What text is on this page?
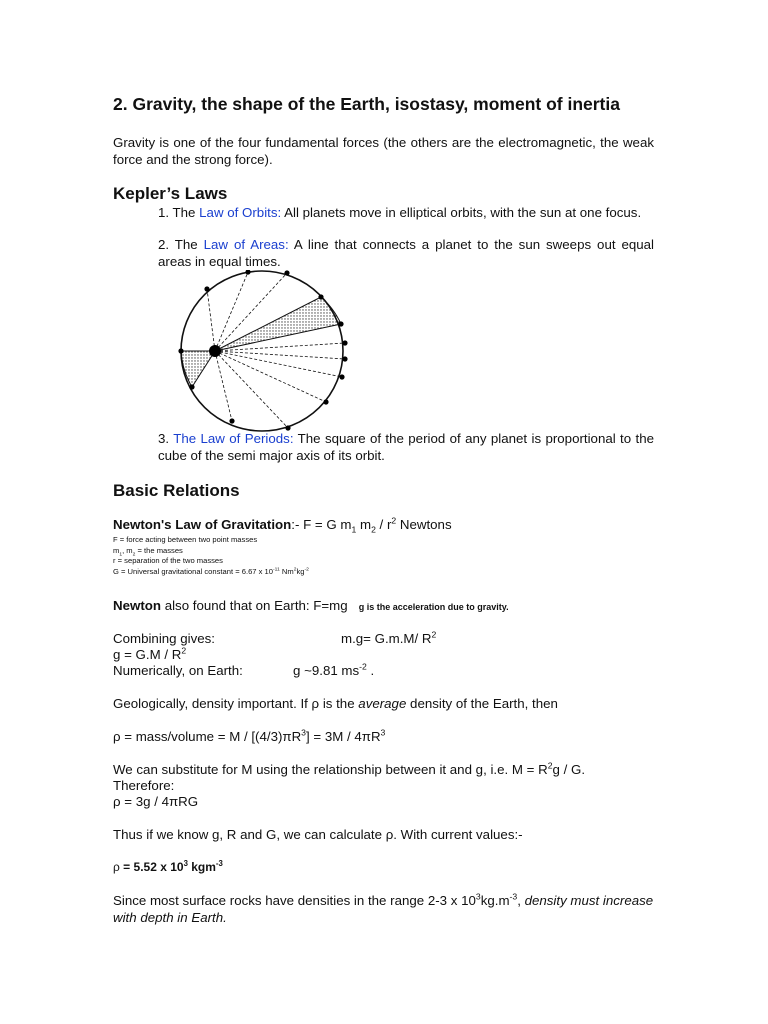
2. Gravity, the shape of the Earth, isostasy, moment of inertia
Gravity is one of the four fundamental forces (the others are the electromagnetic, the weak force and the strong force).
Kepler’s Laws
1. The Law of Orbits: All planets move in elliptical orbits, with the sun at one focus.
2. The Law of Areas: A line that connects a planet to the sun sweeps out equal areas in equal times.
3. The Law of Periods: The square of the period of any planet is proportional to the cube of the semi major axis of its orbit.
Basic Relations
Newton's Law of Gravitation:- F = G $m_1$ $m_2 / r^2$ Newtons
F = force acting between two point masses
$m_1$, $m_2$ = the masses
r = separation of the two masses
G = Universal gravitational constant = 6.67 x $10^{-11}$ $Nm^2kg^{-2}$
Newton also found that on Earth: F=mg g is the acceleration due to gravity.
Combining gives:	m.g= G.m.M/ $R^2$
$g = G.M / R^2$
Numerically, on Earth:	g ~9.81 $ms^{-2}$ .
Geologically, density important. If ρ is the average density of the Earth, then
ρ = mass/volume = $M / [(4/3)\pi R^3] = 3M / 4\pi R^3$
We can substitute for M using the relationship between it and g, i.e. $M = R^2g / G$.
Therefore:
ρ = 3g / 4πRG
Thus if we know g, R and G, we can calculate ρ. With current values:-
ρ = 5.52 x $10^3$ kgm$^{-3}$
Since most surface rocks have densities in the range 2-3 x $10^3kg.m^{-3}$, density must increase with depth in Earth.
